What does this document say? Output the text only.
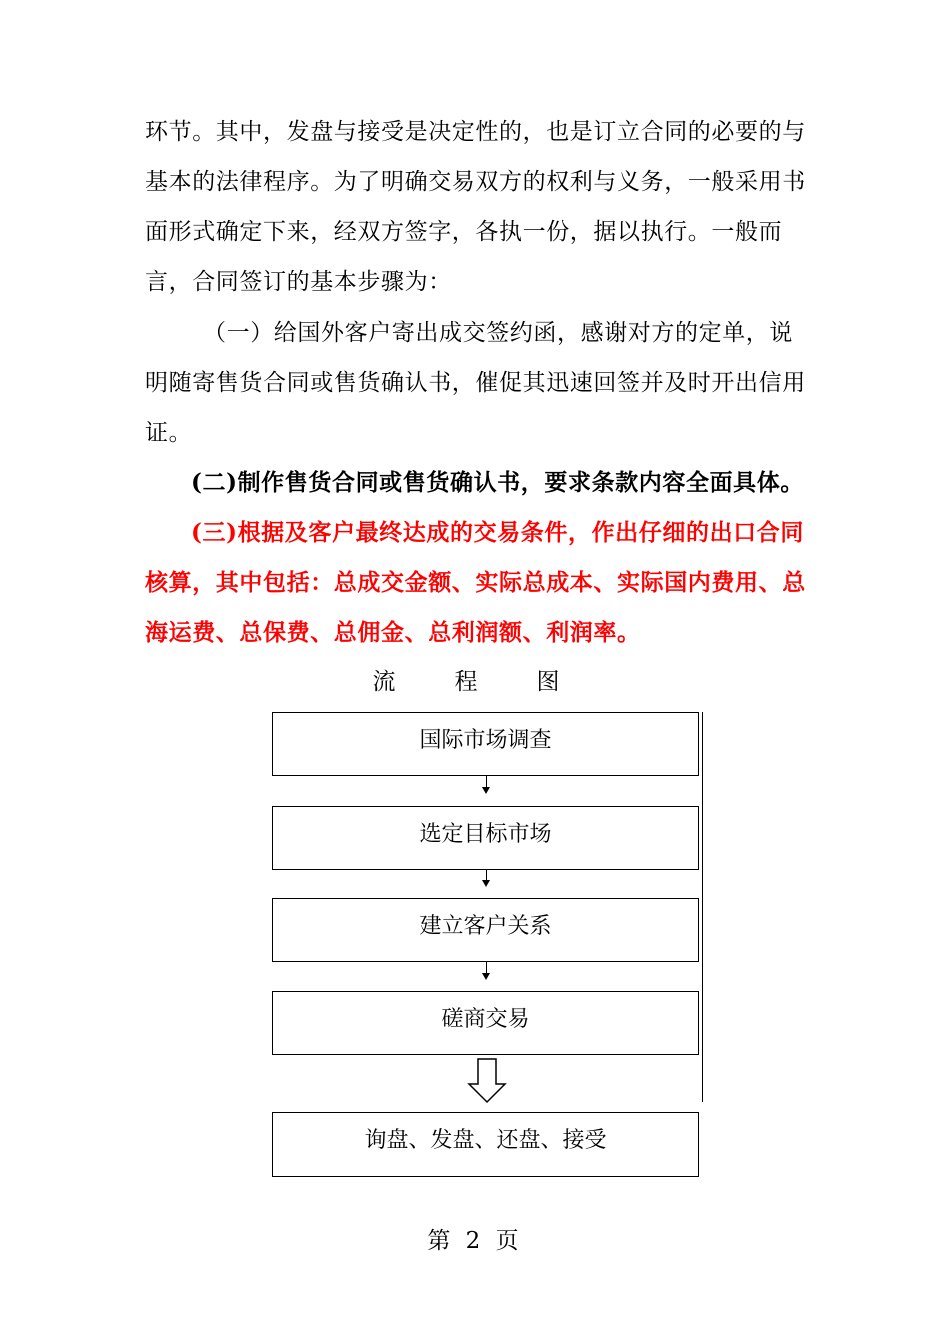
环节。其中，发盘与接受是决定性的，也是订立合同的必要的与基本的法律程序。为了明确交易双方的权利与义务，一般采用书面形式确定下来，经双方签字，各执一份，据以执行。一般而言，合同签订的基本步骤为：

（一）给国外客户寄出成交签约函，感谢对方的定单，说明随寄售货合同或售货确认书，催促其迅速回签并及时开出信用证。

(二)制作售货合同或售货确认书，要求条款内容全面具体。

(三)根据及客户最终达成的交易条件，作出仔细的出口合同核算，其中包括：总成交金额、实际总成本、实际国内费用、总海运费、总保费、总佣金、总利润额、利润率。

流　程　图
国际市场调查
选定目标市场
建立客户关系
磋商交易
询盘、发盘、还盘、接受
第 2 页
